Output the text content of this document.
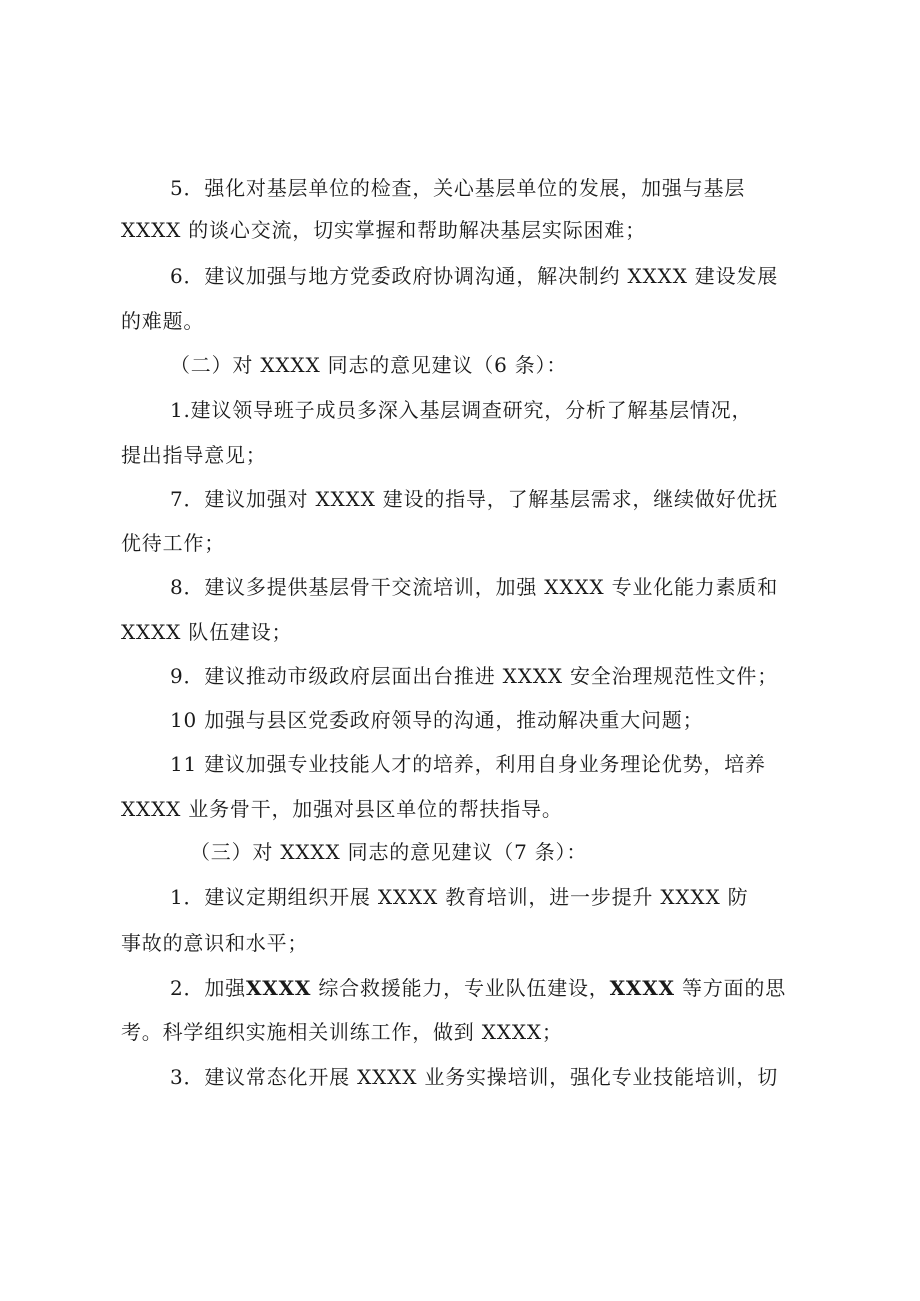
5．强化对基层单位的检查，关心基层单位的发展，加强与基层
XXXX 的谈心交流，切实掌握和帮助解决基层实际困难；
6．建议加强与地方党委政府协调沟通，解决制约 XXXX 建设发展
的难题。
（二）对 XXXX 同志的意见建议（6 条）：
1.建议领导班子成员多深入基层调查研究，分析了解基层情况，
提出指导意见；
7．建议加强对 XXXX 建设的指导，了解基层需求，继续做好优抚
优待工作；
8．建议多提供基层骨干交流培训，加强 XXXX 专业化能力素质和
XXXX 队伍建设；
9．建议推动市级政府层面出台推进 XXXX 安全治理规范性文件；
10 加强与县区党委政府领导的沟通，推动解决重大问题；
11 建议加强专业技能人才的培养，利用自身业务理论优势，培养
XXXX 业务骨干，加强对县区单位的帮扶指导。
（三）对 XXXX 同志的意见建议（7 条）：
1．建议定期组织开展 XXXX 教育培训，进一步提升 XXXX 防
事故的意识和水平；
2．加强XXXX 综合救援能力，专业队伍建设，XXXX 等方面的思
考。科学组织实施相关训练工作，做到 XXXX；
3．建议常态化开展 XXXX 业务实操培训，强化专业技能培训，切
